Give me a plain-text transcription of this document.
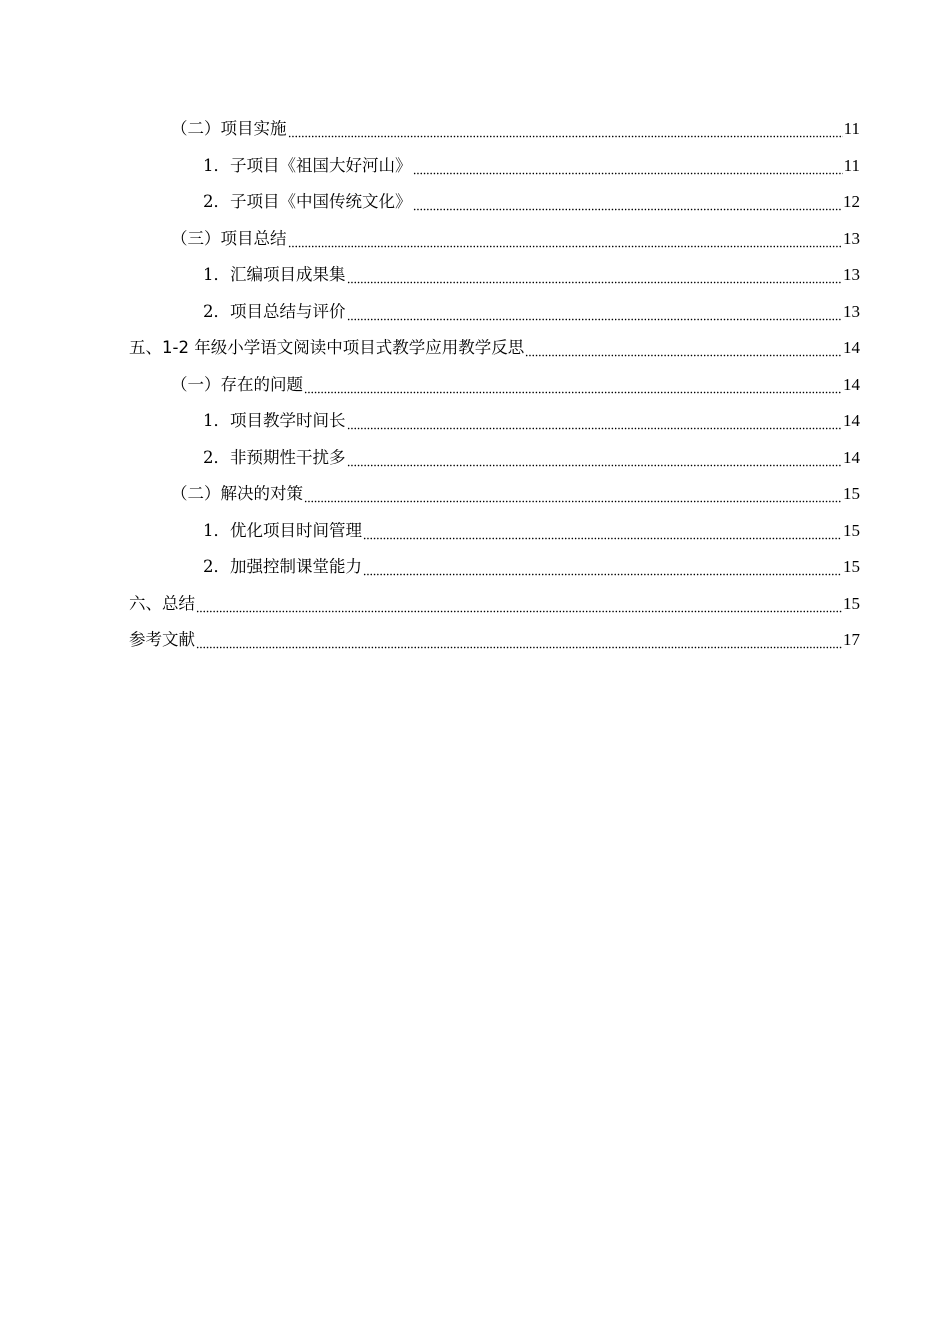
（二）项目实施	11
1．子项目《祖国大好河山》	11
2．子项目《中国传统文化》	12
（三）项目总结	13
1．汇编项目成果集	13
2．项目总结与评价	13
五、1-2 年级小学语文阅读中项目式教学应用教学反思	14
（一）存在的问题	14
1．项目教学时间长	14
2．非预期性干扰多	14
（二）解决的对策	15
1．优化项目时间管理	15
2．加强控制课堂能力	15
六、总结	15
参考文献	17
